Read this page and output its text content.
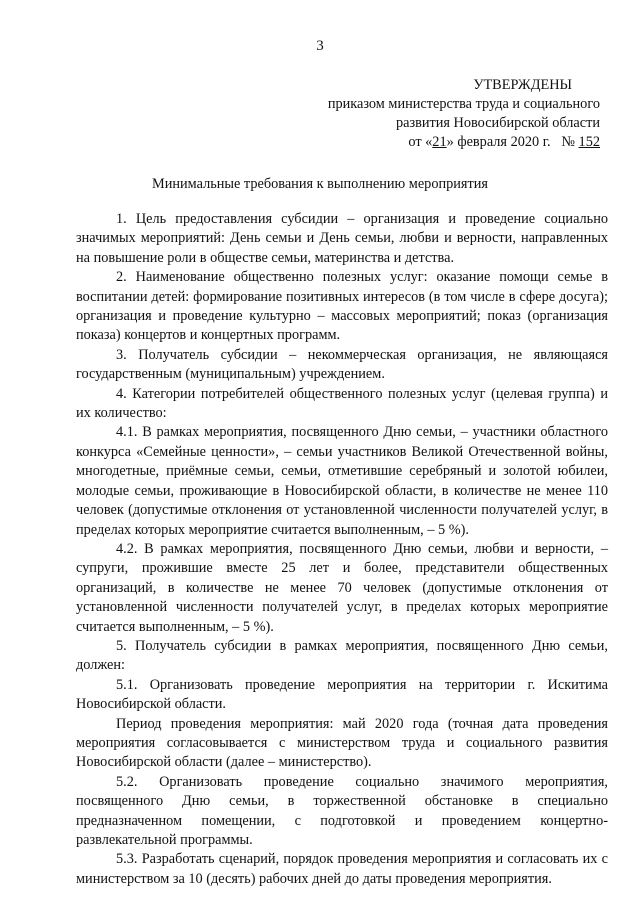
3
УТВЕРЖДЕНЫ
приказом министерства труда и социального
развития Новосибирской области
от «21» февраля 2020 г. № 152
Минимальные требования к выполнению мероприятия

1. Цель предоставления субсидии – организация и проведение социально значимых мероприятий: День семьи и День семьи, любви и верности, направленных на повышение роли в обществе семьи, материнства и детства.

2. Наименование общественно полезных услуг: оказание помощи семье в воспитании детей: формирование позитивных интересов (в том числе в сфере досуга); организация и проведение культурно – массовых мероприятий; показ (организация показа) концертов и концертных программ.

3. Получатель субсидии – некоммерческая организация, не являющаяся государственным (муниципальным) учреждением.

4. Категории потребителей общественного полезных услуг (целевая группа) и их количество:

4.1. В рамках мероприятия, посвященного Дню семьи, – участники областного конкурса «Семейные ценности», – семьи участников Великой Отечественной войны, многодетные, приёмные семьи, семьи, отметившие серебряный и золотой юбилеи, молодые семьи, проживающие в Новосибирской области, в количестве не менее 110 человек (допустимые отклонения от установленной численности получателей услуг, в пределах которых мероприятие считается выполненным, – 5 %).

4.2. В рамках мероприятия, посвященного Дню семьи, любви и верности, – супруги, прожившие вместе 25 лет и более, представители общественных организаций, в количестве не менее 70 человек (допустимые отклонения от установленной численности получателей услуг, в пределах которых мероприятие считается выполненным, – 5 %).

5. Получатель субсидии в рамках мероприятия, посвященного Дню семьи, должен:

5.1. Организовать проведение мероприятия на территории г. Искитима Новосибирской области.

Период проведения мероприятия: май 2020 года (точная дата проведения мероприятия согласовывается с министерством труда и социального развития Новосибирской области (далее – министерство).

5.2. Организовать проведение социально значимого мероприятия, посвященного Дню семьи, в торжественной обстановке в специально предназначенном помещении, с подготовкой и проведением концертно-развлекательной программы.

5.3. Разработать сценарий, порядок проведения мероприятия и согласовать их с министерством за 10 (десять) рабочих дней до даты проведения мероприятия.
